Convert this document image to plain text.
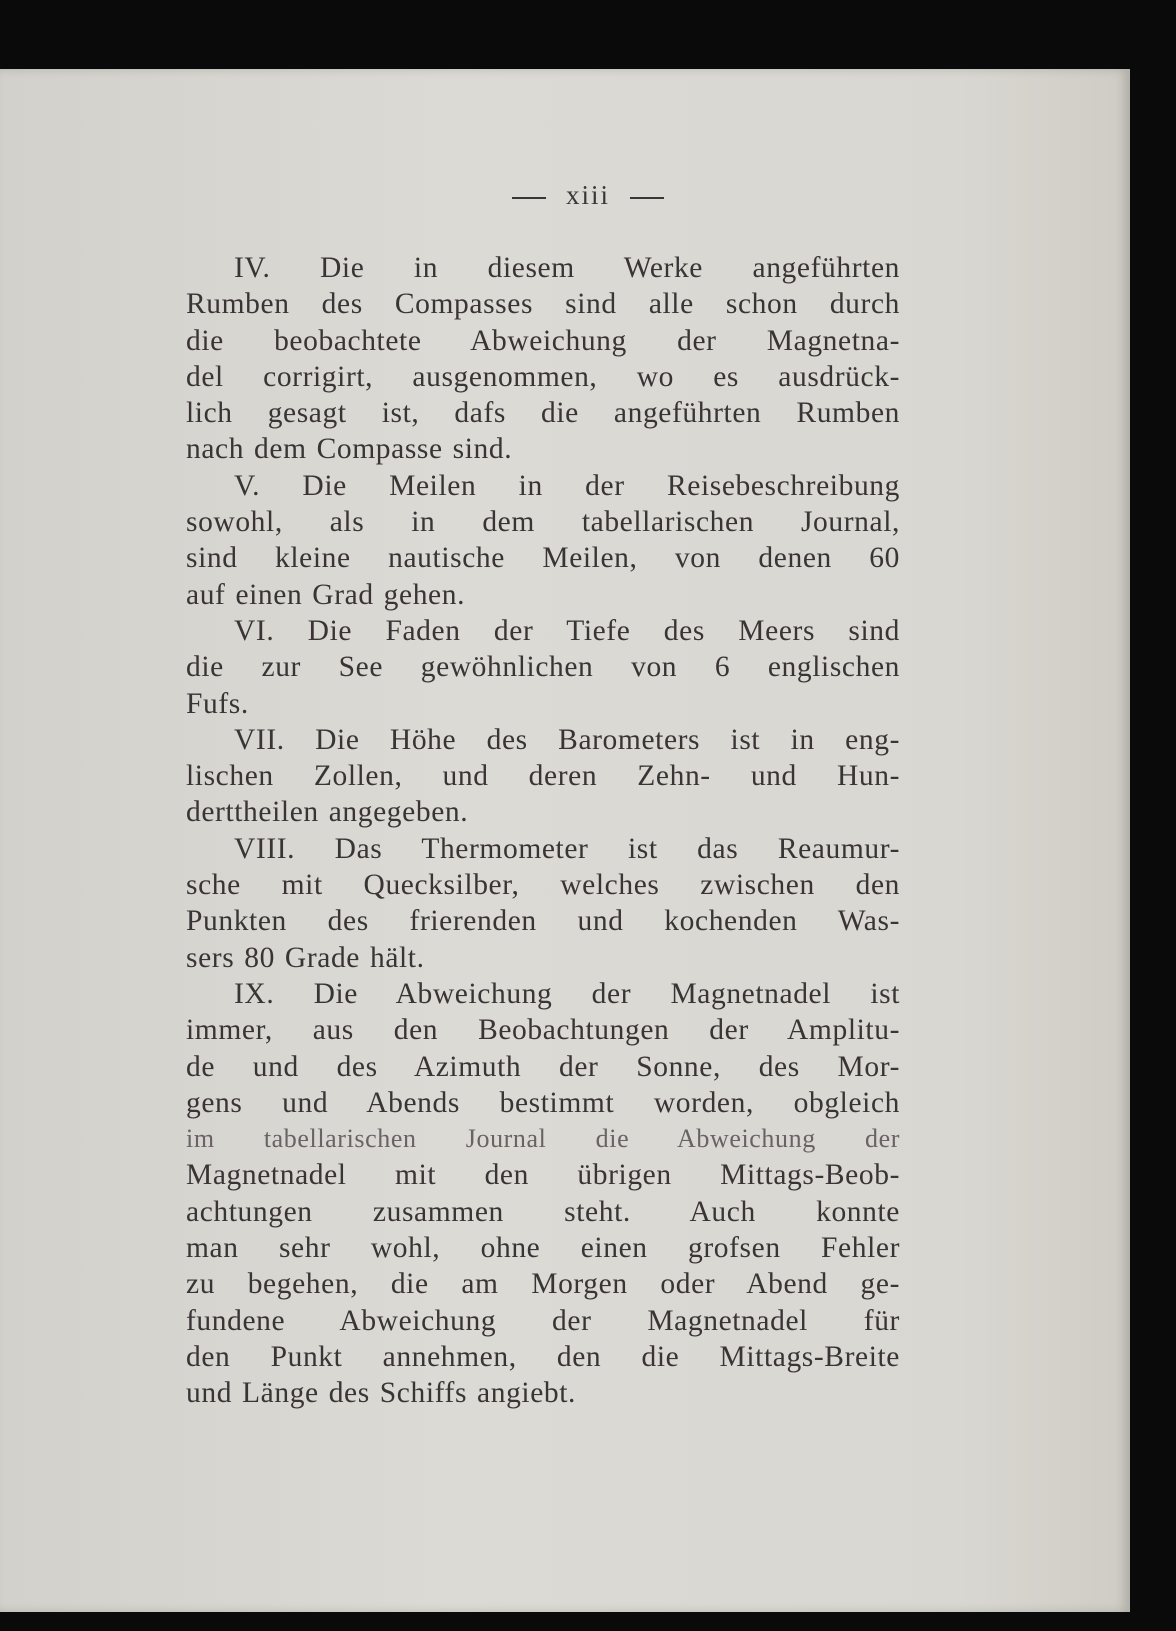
xiii
IV. Die in diesem Werke angeführten
Rumben des Compasses sind alle schon durch
die beobachtete Abweichung der Magnetna-
del corrigirt, ausgenommen, wo es ausdrück-
lich gesagt ist, dafs die angeführten Rumben
nach dem Compasse sind.
V. Die Meilen in der Reisebeschreibung
sowohl, als in dem tabellarischen Journal,
sind kleine nautische Meilen, von denen 60
auf einen Grad gehen.
VI. Die Faden der Tiefe des Meers sind
die zur See gewöhnlichen von 6 englischen
Fufs.
VII. Die Höhe des Barometers ist in eng-
lischen Zollen, und deren Zehn- und Hun-
derttheilen angegeben.
VIII. Das Thermometer ist das Reaumur-
sche mit Quecksilber, welches zwischen den
Punkten des frierenden und kochenden Was-
sers 80 Grade hält.
IX. Die Abweichung der Magnetnadel ist
immer, aus den Beobachtungen der Amplitu-
de und des Azimuth der Sonne, des Mor-
gens und Abends bestimmt worden, obgleich
im tabellarischen Journal die Abweichung der
Magnetnadel mit den übrigen Mittags-Beob-
achtungen zusammen steht. Auch konnte
man sehr wohl, ohne einen grofsen Fehler
zu begehen, die am Morgen oder Abend ge-
fundene Abweichung der Magnetnadel für
den Punkt annehmen, den die Mittags-Breite
und Länge des Schiffs angiebt.
